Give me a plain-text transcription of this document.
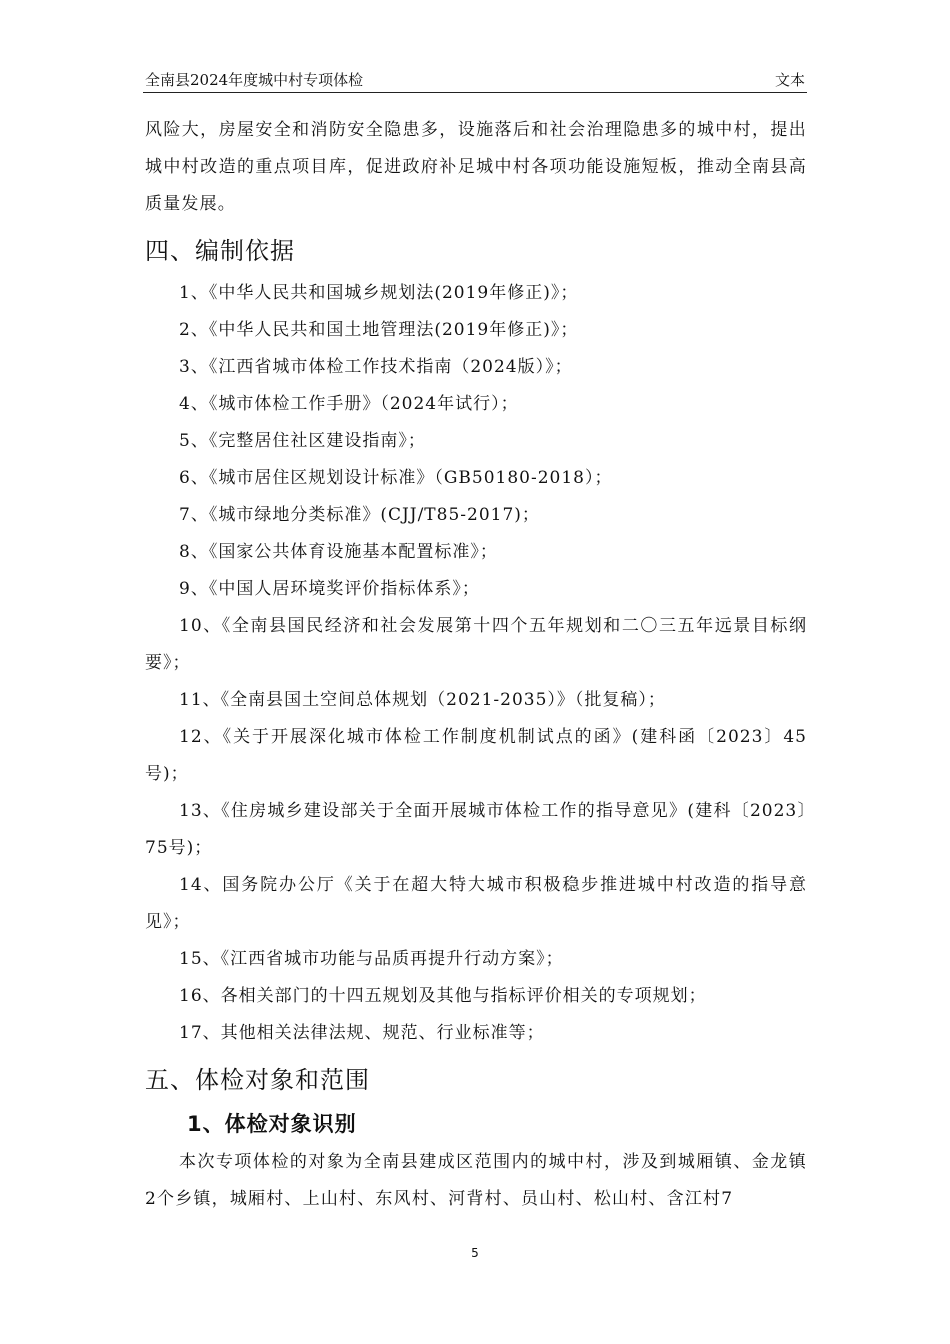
全南县2024年度城中村专项体检	文本

风险大，房屋安全和消防安全隐患多，设施落后和社会治理隐患多的城中村，提出城中村改造的重点项目库，促进政府补足城中村各项功能设施短板，推动全南县高质量发展。

四、编制依据

1、《中华人民共和国城乡规划法(2019年修正)》；

2、《中华人民共和国土地管理法(2019年修正)》；

3、《江西省城市体检工作技术指南（2024版）》；

4、《城市体检工作手册》（2024年试行）；

5、《完整居住社区建设指南》；

6、《城市居住区规划设计标准》（GB50180-2018）；

7、《城市绿地分类标准》(CJJ/T85-2017)；

8、《国家公共体育设施基本配置标准》；

9、《中国人居环境奖评价指标体系》；

10、《全南县国民经济和社会发展第十四个五年规划和二〇三五年远景目标纲要》；

11、《全南县国土空间总体规划（2021-2035）》（批复稿）；

12、《关于开展深化城市体检工作制度机制试点的函》(建科函〔2023〕45号)；

13、《住房城乡建设部关于全面开展城市体检工作的指导意见》(建科〔2023〕75号)；

14、国务院办公厅《关于在超大特大城市积极稳步推进城中村改造的指导意见》；

15、《江西省城市功能与品质再提升行动方案》；

16、各相关部门的十四五规划及其他与指标评价相关的专项规划；

17、其他相关法律法规、规范、行业标准等；

五、体检对象和范围
1、体检对象识别

本次专项体检的对象为全南县建成区范围内的城中村，涉及到城厢镇、金龙镇2个乡镇，城厢村、上山村、东风村、河背村、员山村、松山村、含江村7

5
